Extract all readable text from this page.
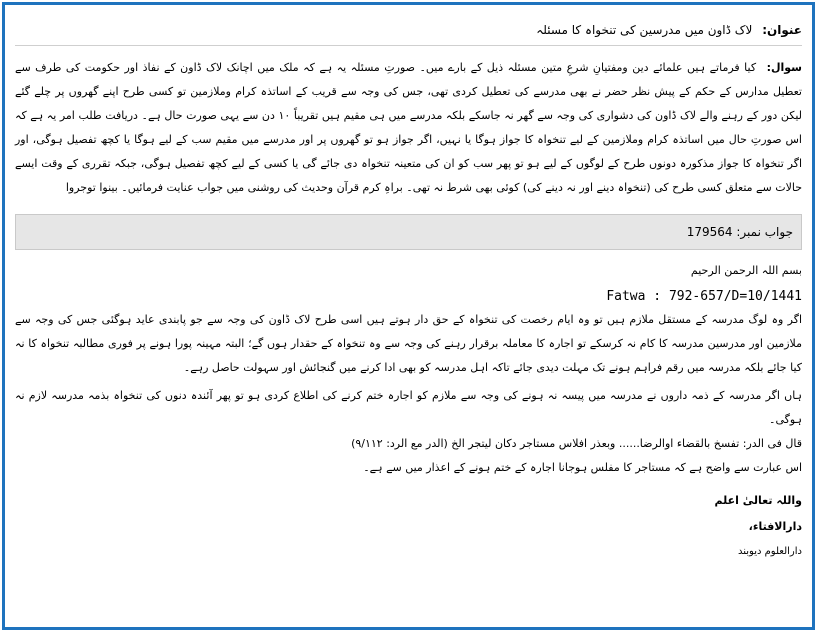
عنوان: لاک ڈاون میں مدرسین کی تنخواہ کا مسئلہ
سوال: کیا فرماتے ہیں علمائے دین ومفتیانِ شرعِ متین مسئلہ ذیل کے بارے میں۔ صورتِ مسئلہ یہ ہے کہ ملک میں اچانک لاک ڈاون کے نفاذ اور حکومت کی طرف سے تعطیل مدارس کے حکم کے پیش نظر حضر نے بھی مدرسے کی تعطیل کردی تھی، جس کی وجہ سے قریب کے اساتذہ کرام وملازمین تو کسی طرح اپنے گھروں پر چلے گئے لیکن دور کے رہنے والے لاک ڈاون کی دشواری کی وجہ سے گھر نہ جاسکے بلکہ مدرسے میں ہی مقیم ہیں تقریباً ۱۰ دن سے یہی صورت حال ہے۔ دریافت طلب امر یہ ہے کہ اس صورتِ حال میں اساتذہ کرام وملازمین کے لیے تنخواہ کا جواز ہوگا یا نہیں، اگر جواز ہو تو گھروں پر اور مدرسے میں مقیم سب کے لیے ہوگا یا کچھ تفصیل ہوگی، اور اگر تنخواہ کا جواز مذکورہ دونوں طرح کے لوگوں کے لیے ہو تو پھر سب کو ان کی متعینہ تنخواہ دی جائے گی یا کسی کے لیے کچھ تفصیل ہوگی، جبکہ تقرری کے وقت ایسے حالات سے متعلق کسی طرح کی (تنخواہ دینے اور نہ دینے کی) کوئی بھی شرط نہ تھی۔ براہِ کرم قرآن وحدیث کی روشنی میں جواب عنایت فرمائیں۔ بینوا توجروا
جواب نمبر: 179564
بسم اللہ الرحمن الرحیم
Fatwa : 792-657/D=10/1441
اگر وہ لوگ مدرسہ کے مستقل ملازم ہیں تو وہ ایام رخصت کی تنخواہ کے حق دار ہوتے ہیں اسی طرح لاک ڈاون کی وجہ سے جو پابندی عاید ہوگئی جس کی وجہ سے ملازمین اور مدرسین مدرسہ کا کام نہ کرسکے تو اجارہ کا معاملہ برقرار رہنے کی وجہ سے وہ تنخواہ کے حقدار ہوں گے؛ البتہ مہینہ پورا ہونے پر فوری مطالبہ تنخواہ کا نہ کیا جائے بلکہ مدرسہ میں رقم فراہم ہونے تک مہلت دیدی جائے تاکہ اہل مدرسہ کو بھی ادا کرنے میں گنجائش اور سہولت حاصل رہے۔
ہاں اگر مدرسہ کے ذمہ داروں نے مدرسہ میں پیسہ نہ ہونے کی وجہ سے ملازم کو اجارہ ختم کرنے کی اطلاع کردی ہو تو پھر آئندہ دنوں کی تنخواہ بذمہ مدرسہ لازم نہ ہوگی۔
قال فی الدر: تفسخ بالقضاء اوالرضا...... وبعذر افلاس مستاجر دکان لیتجر الخ (الدر مع الرد: ۹/۱۱۲)
اس عبارت سے واضح ہے کہ مستاجر کا مفلس ہوجانا اجارہ کے ختم ہونے کے اعذار میں سے ہے۔
واللہ تعالیٰ اعلم
دارالافتاء،
دارالعلوم دیوبند
